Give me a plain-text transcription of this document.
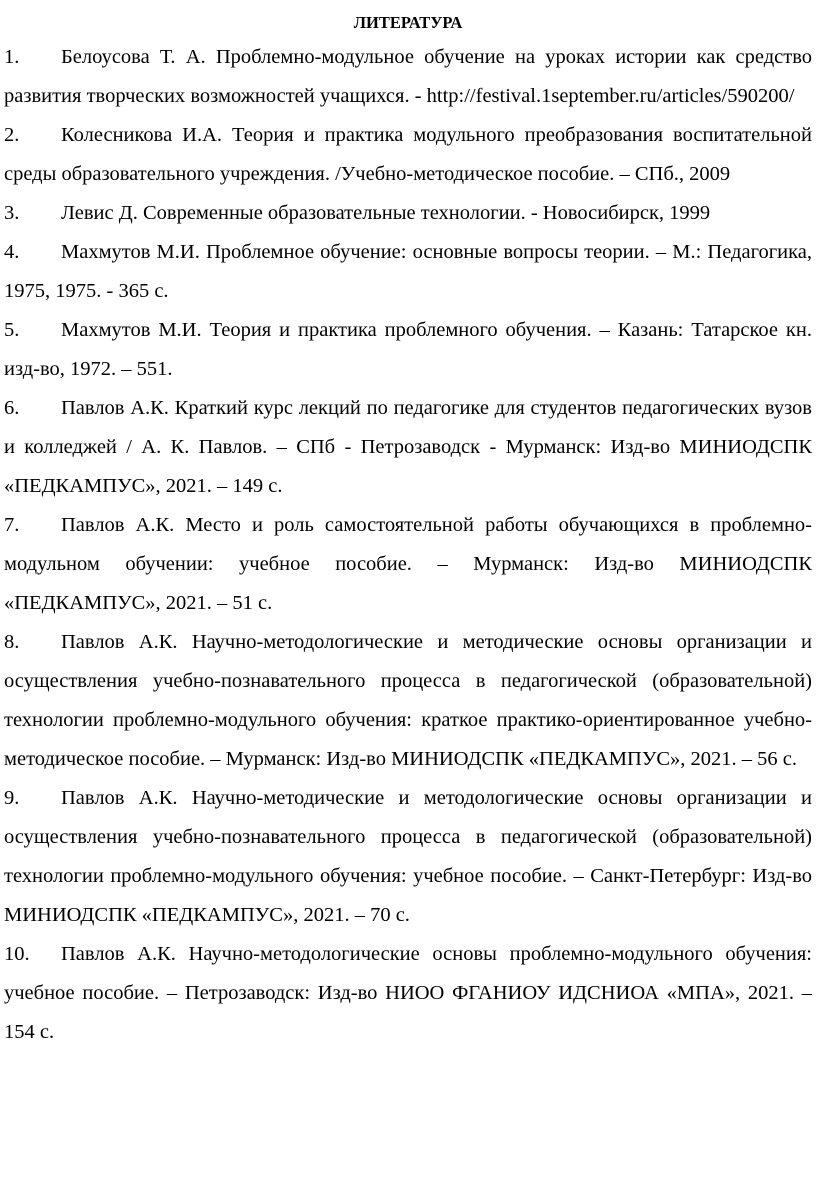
ЛИТЕРАТУРА

1. Белоусова Т. А. Проблемно-модульное обучение на уроках истории как средство развития творческих возможностей учащихся. - http://festival.1september.ru/articles/590200/

2. Колесникова И.А. Теория и практика модульного преобразования воспитательной среды образовательного учреждения. /Учебно-методическое пособие. – СПб., 2009

3. Левис Д. Современные образовательные технологии. - Новосибирск, 1999

4. Махмутов М.И. Проблемное обучение: основные вопросы теории. – М.: Педагогика, 1975, 1975. - 365 с.

5. Махмутов М.И. Теория и практика проблемного обучения. – Казань: Татарское кн. изд-во, 1972. – 551.

6. Павлов А.К. Краткий курс лекций по педагогике для студентов педагогических вузов и колледжей / А. К. Павлов. – СПб - Петрозаводск - Мурманск: Изд-во МИНИОДСПК «ПЕДКАМПУС», 2021. – 149 с.

7. Павлов А.К. Место и роль самостоятельной работы обучающихся в проблемно-модульном обучении: учебное пособие. – Мурманск: Изд-во МИНИОДСПК «ПЕДКАМПУС», 2021. – 51 с.

8. Павлов А.К. Научно-методологические и методические основы организации и осуществления учебно-познавательного процесса в педагогической (образовательной) технологии проблемно-модульного обучения: краткое практико-ориентированное учебно-методическое пособие. – Мурманск: Изд-во МИНИОДСПК «ПЕДКАМПУС», 2021. – 56 с.

9. Павлов А.К. Научно-методические и методологические основы организации и осуществления учебно-познавательного процесса в педагогической (образовательной) технологии проблемно-модульного обучения: учебное пособие. – Санкт-Петербург: Изд-во МИНИОДСПК «ПЕДКАМПУС», 2021. – 70 с.

10. Павлов А.К. Научно-методологические основы проблемно-модульного обучения: учебное пособие. – Петрозаводск: Изд-во НИОО ФГАНИОУ ИДСНИОА «МПА», 2021. – 154 с.
